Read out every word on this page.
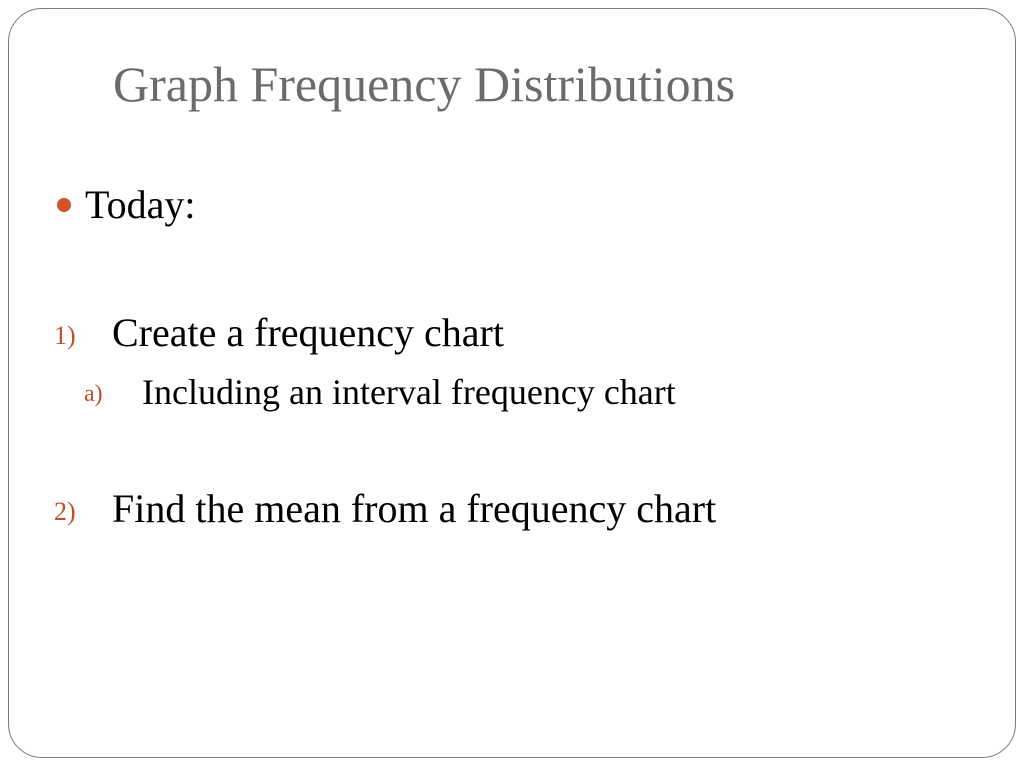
Graph Frequency Distributions
Today:
1) Create a frequency chart
a) Including an interval frequency chart
2) Find the mean from a frequency chart
